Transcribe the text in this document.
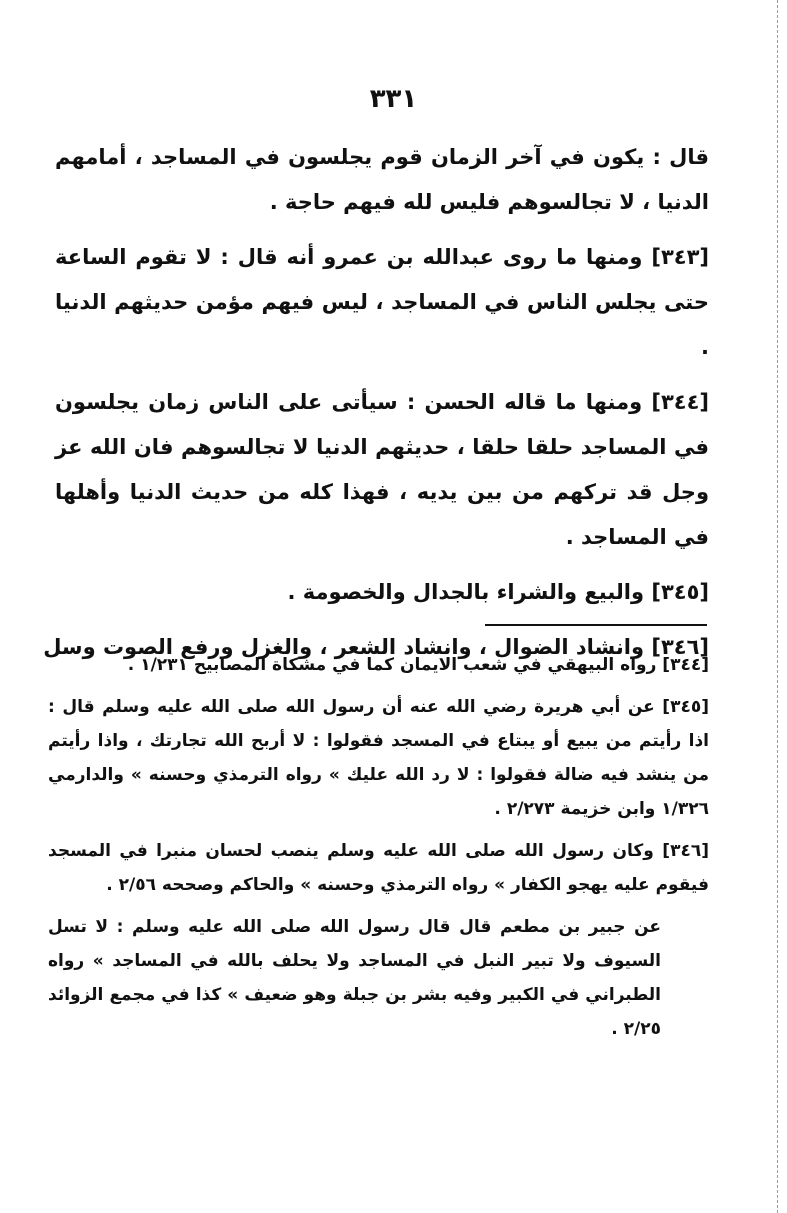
٣٣١

قال : يكون في آخر الزمان قوم يجلسون في المساجد ، أمامهم الدنيا ، لا تجالسوهم فليس لله فيهم حاجة .

[٣٤٣] ومنها ما روى عبدالله بن عمرو أنه قال : لا تقوم الساعة حتى يجلس الناس في المساجد ، ليس فيهم مؤمن حديثهم الدنيا .

[٣٤٤] ومنها ما قاله الحسن : سيأتى على الناس زمان يجلسون في المساجد حلقا حلقا ، حديثهم الدنيا لا تجالسوهم فان الله عز وجل قد تركهم من بين يديه ، فهذا كله من حديث الدنيا وأهلها في المساجد .

[٣٤٥] والبيع والشراء بالجدال والخصومة .

[٣٤٦] وانشاد الضوال ، وانشاد الشعر ، والغزل ورفع الصوت وسل

[٣٤٤] رواه البيهقي في شعب الايمان كما في مشكاة المصابيح ١/٢٣١ .

[٣٤٥] عن أبي هريرة رضي الله عنه أن رسول الله صلى الله عليه وسلم قال : اذا رأيتم من يبيع أو يبتاع في المسجد فقولوا : لا أربح الله تجارتك ، واذا رأيتم من ينشد فيه ضالة فقولوا : لا رد الله عليك » رواه الترمذي وحسنه » والدارمي ١/٣٢٦ وابن خزيمة ٢/٢٧٣ .

[٣٤٦] وكان رسول الله صلى الله عليه وسلم ينصب لحسان منبرا في المسجد فيقوم عليه يهجو الكفار » رواه الترمذي وحسنه » والحاكم وصححه ٢/٥٦ .

عن جبير بن مطعم قال قال رسول الله صلى الله عليه وسلم : لا تسل السيوف ولا تبير النبل في المساجد ولا يحلف بالله في المساجد » رواه الطبراني في الكبير وفيه بشر بن جبلة وهو ضعيف » كذا في مجمع الزوائد ٢/٢٥ .
